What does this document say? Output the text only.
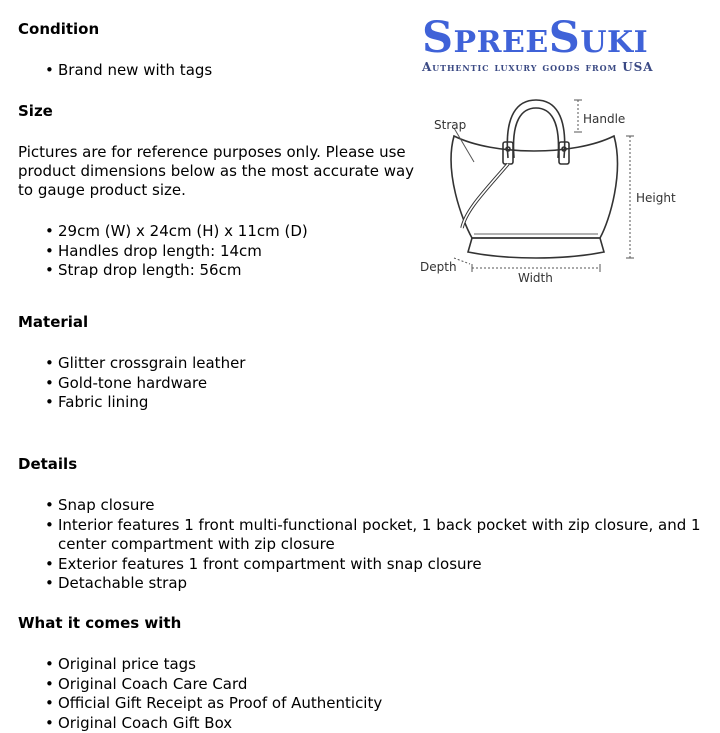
Condition
• Brand new with tags
Size

Pictures are for reference purposes only. Please use product dimensions below as the most accurate way to gauge product size.

• 29cm (W) x 24cm (H) x 11cm (D)
• Handles drop length: 14cm
• Strap drop length: 56cm
Material
• Glitter crossgrain leather
• Gold-tone hardware
• Fabric lining
Details
• Snap closure
• Interior features 1 front multi-functional pocket, 1 back pocket with zip closure, and 1 center compartment with zip closure
• Exterior features 1 front compartment with snap closure
• Detachable strap
What it comes with
• Original price tags
• Original Coach Care Card
• Official Gift Receipt as Proof of Authenticity
• Original Coach Gift Box
SpreeSuki
Authentic luxury goods from USA
Strap	Handle
Height
Depth
Width
